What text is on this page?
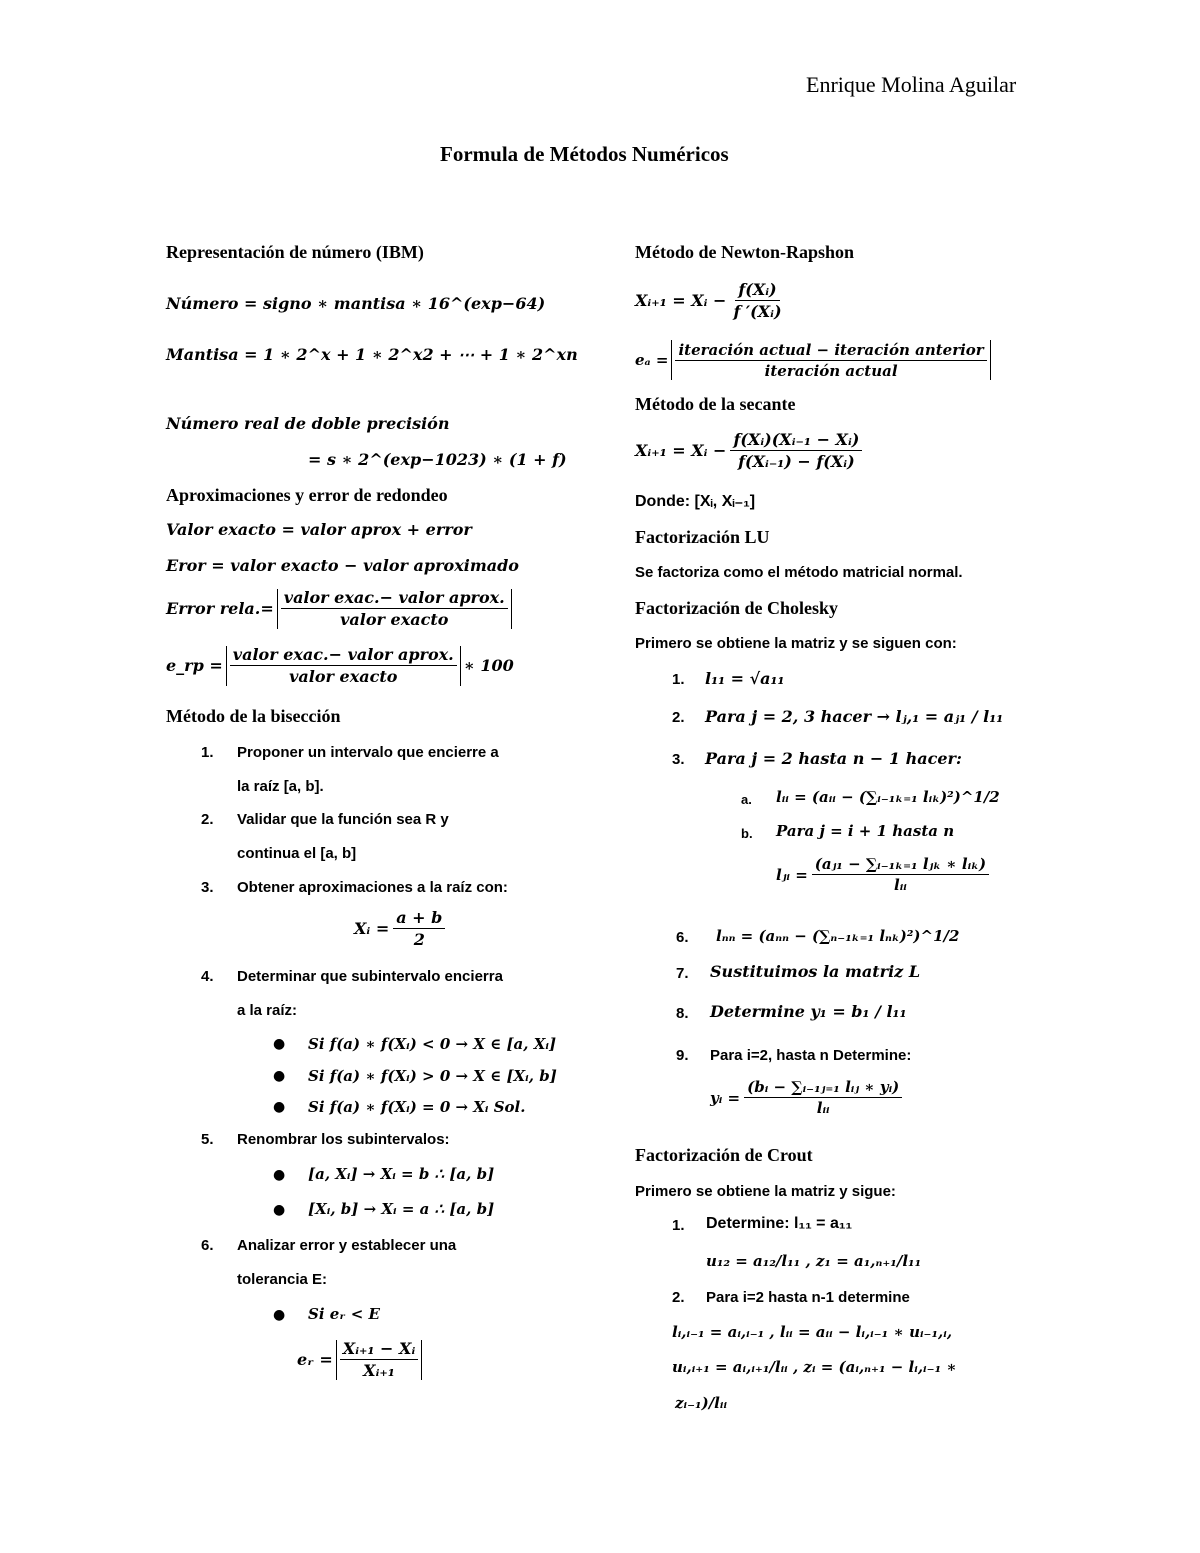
Enrique Molina Aguilar
Formula de Métodos Numéricos
Representación de número (IBM)
Número = signo ∗ mantisa ∗ 16^(exp−64)
Mantisa = 1 ∗ 2^x + 1 ∗ 2^x2 + ⋯ + 1 ∗ 2^xn
Número real de doble precisión
= s ∗ 2^(exp−1023) ∗ (1 + f)
Aproximaciones y error de redondeo
Valor exacto = valor aprox + error
Eror = valor exacto − valor aproximado
Error rela.= $\frac{\text{valor exac.− valor aprox.}}{\text{valor exacto}}$
e_rp = $\frac{\text{valor exac.− valor aprox.}}{\text{valor exacto}}$ ∗ 100
Método de la bisección
1. Proponer un intervalo que encierre a
la raíz [a, b].
2. Validar que la función sea R y
continua el [a, b]
3. Obtener aproximaciones a la raíz con:
Xᵢ = $\frac{a + b}{2}$
4. Determinar que subintervalo encierra
a la raíz:
● Si f(a) ∗ f(Xᵢ) < 0 → X ∈ [a, Xᵢ]
● Si f(a) ∗ f(Xᵢ) > 0 → X ∈ [Xᵢ, b]
● Si f(a) ∗ f(Xᵢ) = 0 → Xᵢ Sol.
5. Renombrar los subintervalos:
● [a, Xᵢ] → Xᵢ = b ∴ [a, b]
● [Xᵢ, b] → Xᵢ = a ∴ [a, b]
6. Analizar error y establecer una
tolerancia E:
● Si eᵣ < E
eᵣ = $\frac{\text{Xᵢ₊₁ − Xᵢ}}{\text{Xᵢ₊₁}}$
Método de Newton-Rapshon
Xᵢ₊₁ = Xᵢ − $\frac{\text{f(Xᵢ)}}{\text{f ′(Xᵢ)}}$
$e_a = \frac{\text{iteración actual − iteración anterior}}{\text{iteración actual}}$
Método de la secante
Xᵢ₊₁ = Xᵢ − $\frac{\text{f(Xᵢ)(Xᵢ₋₁ − Xᵢ)}}{\text{f(Xᵢ₋₁) − f(Xᵢ)}}$
Donde: [Xᵢ, Xᵢ₋₁]
Factorización LU
Se factoriza como el método matricial normal.
Factorización de Cholesky
Primero se obtiene la matriz y se siguen con:
1. l₁₁ = √a₁₁
2. Para j = 2, 3 hacer → lⱼ,₁ = aⱼ₁ / l₁₁
3. Para j = 2 hasta n − 1 hacer:
a. lᵢᵢ = (aᵢᵢ − (∑ᵢ₋₁ₖ₌₁ lᵢₖ)²)^1/2
b. Para j = i + 1 hasta n
lⱼᵢ = $\frac{\text{(aⱼ₁ − ∑ᵢ₋₁ₖ₌₁ lⱼₖ ∗ lᵢₖ)}}{\text{lᵢᵢ}}$
6. lₙₙ = (aₙₙ − (∑ₙ₋₁ₖ₌₁ lₙₖ)²)^1/2
7. Sustituimos la matriz L
8. Determine y₁ = b₁ / l₁₁
9. Para i=2, hasta n Determine:
yᵢ = $\frac{\text{(bᵢ − ∑ᵢ₋₁ⱼ₌₁ lᵢⱼ ∗ yᵢ)}}{\text{lᵢᵢ}}$
Factorización de Crout
Primero se obtiene la matriz y sigue:
1. Determine: l₁₁ = a₁₁
u₁₂ = a₁₂/l₁₁ , z₁ = a₁,ₙ₊₁/l₁₁
2. Para i=2 hasta n-1 determine
lᵢ,ᵢ₋₁ = aᵢ,ᵢ₋₁ , lᵢᵢ = aᵢᵢ − lᵢ,ᵢ₋₁ ∗ uᵢ₋₁,ᵢ,
uᵢ,ᵢ₊₁ = aᵢ,ᵢ₊₁/lᵢᵢ , zᵢ = (aᵢ,ₙ₊₁ − lᵢ,ᵢ₋₁ ∗
zᵢ₋₁)/lᵢᵢ
